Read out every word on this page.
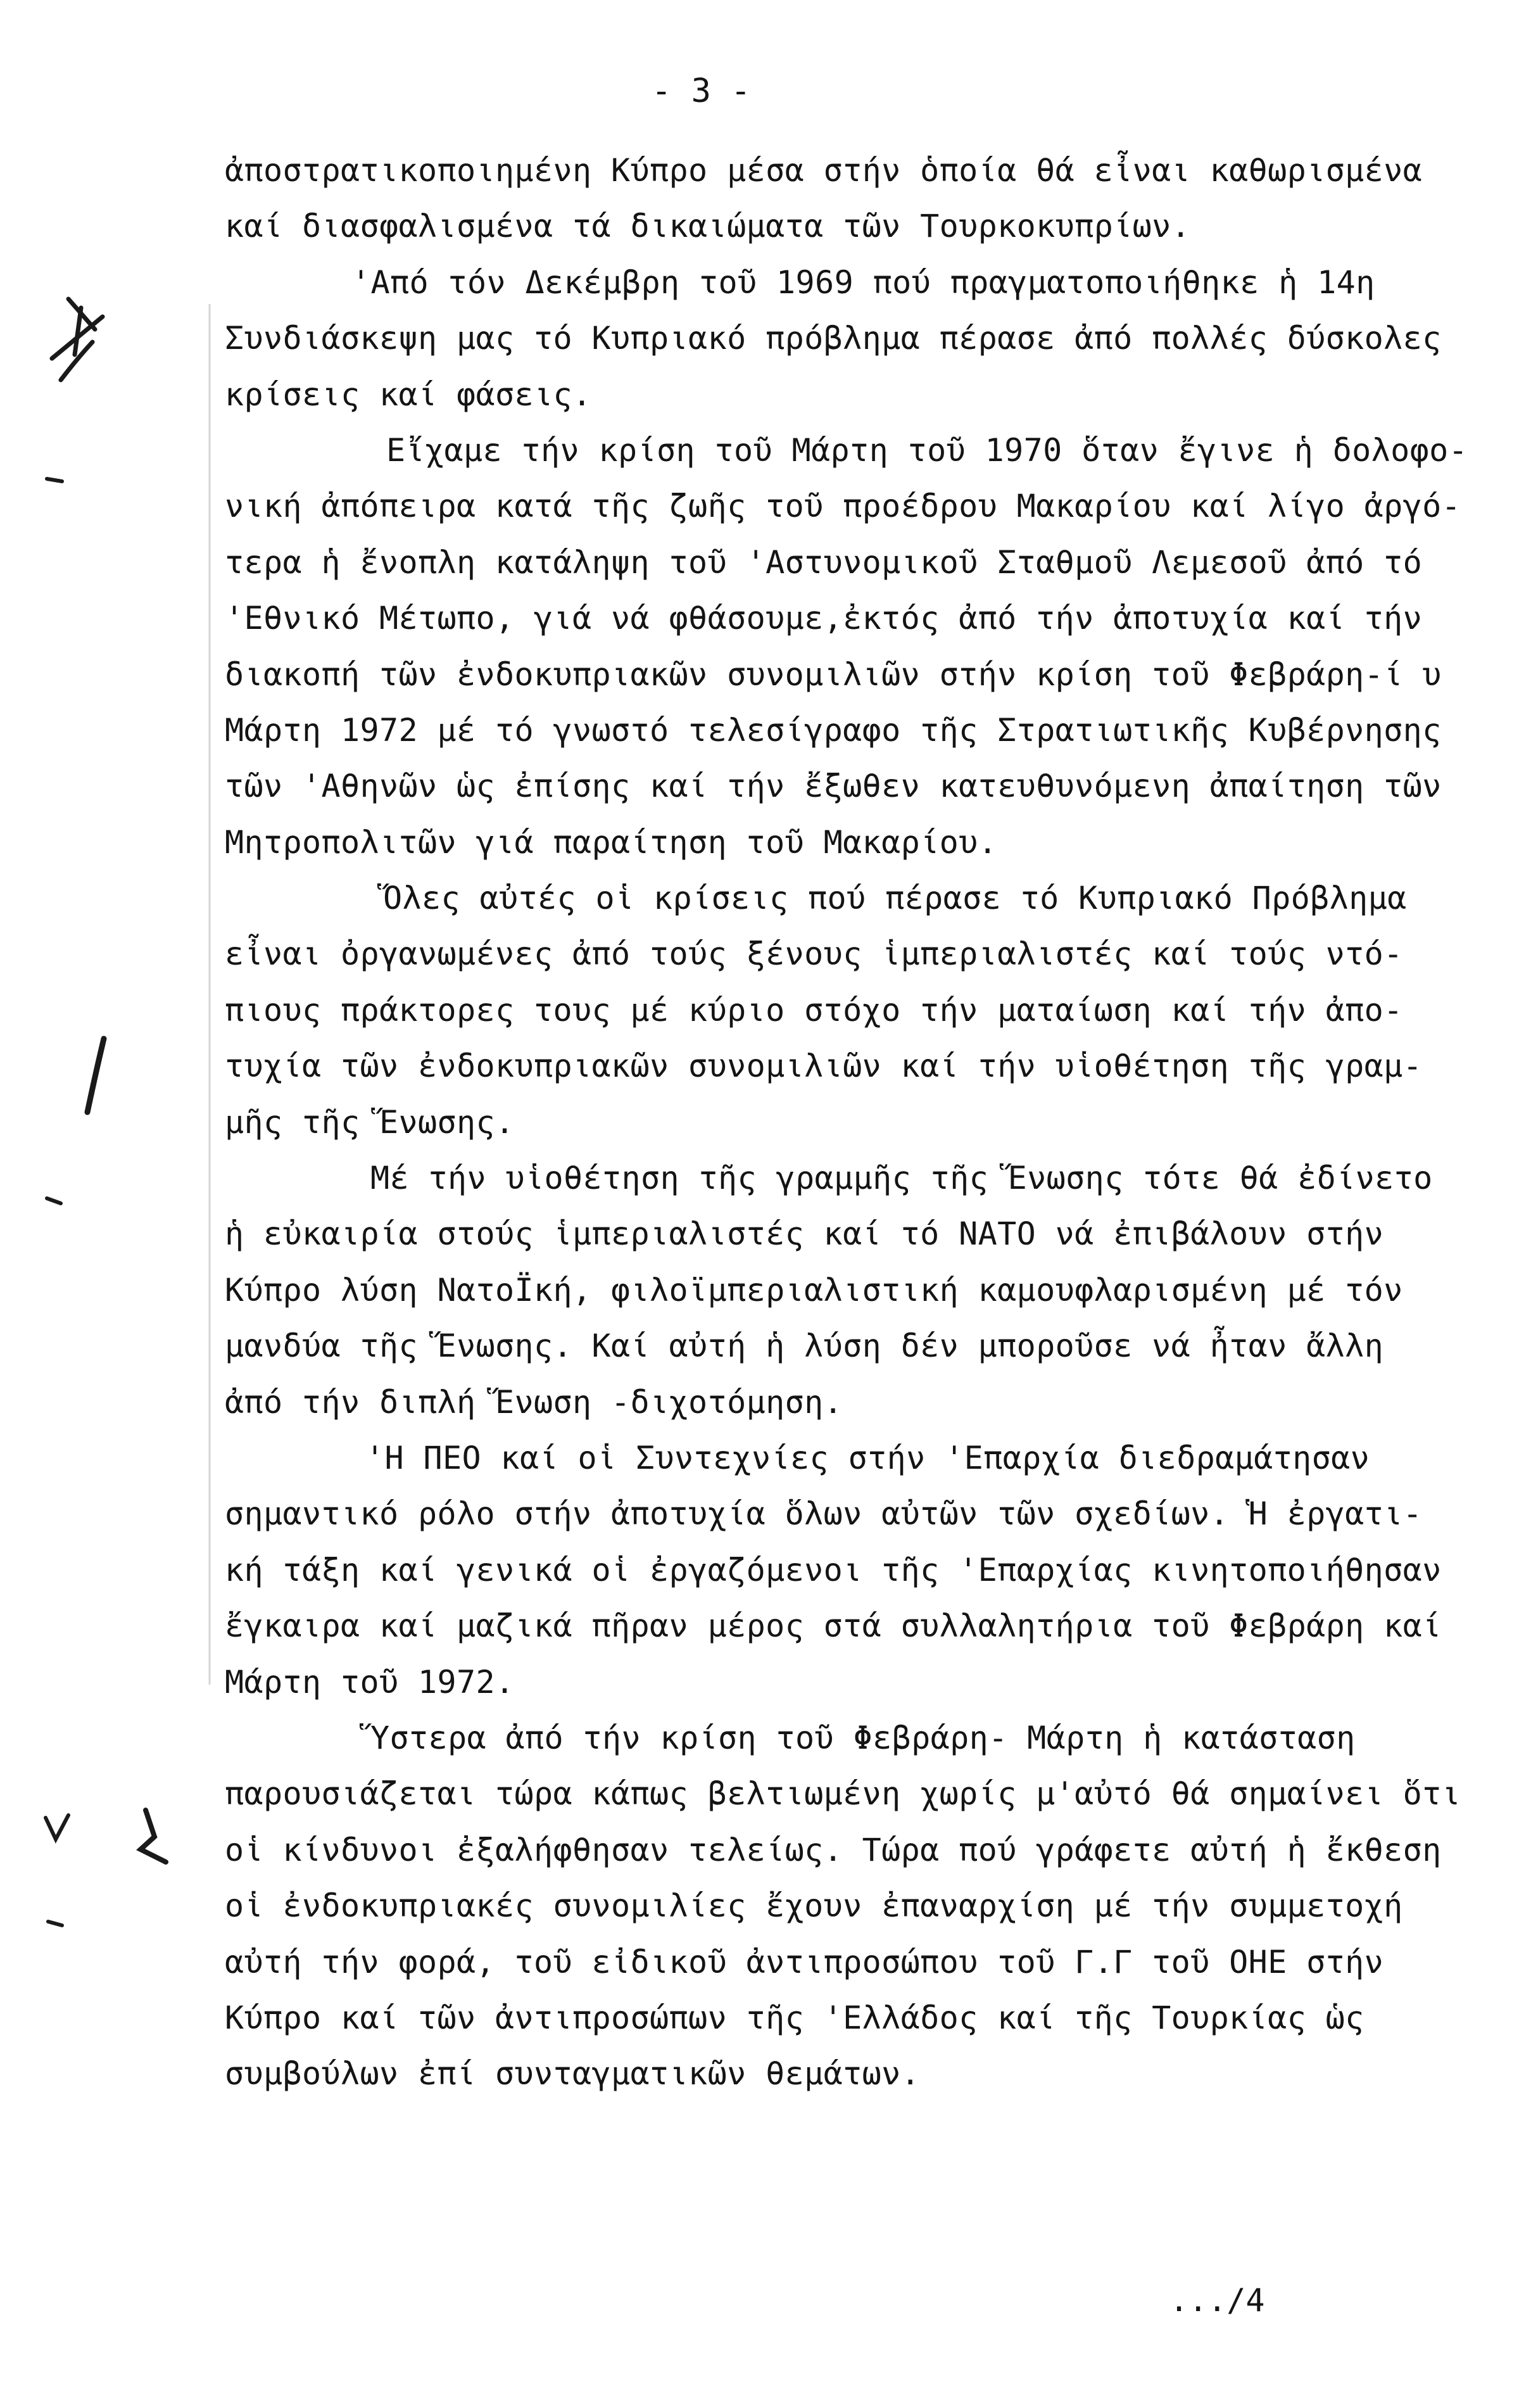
- 3 -
ἀποστρατικοποιημένη Κύπρο μέσα στήν ὁποία θά εἶναι καθωρισμένα
καί διασφαλισμένα τά δικαιώματα τῶν Τουρκοκυπρίων.
'Από τόν Δεκέμβρη τοῦ 1969 πού πραγματοποιήθηκε ἡ 14η
Συνδιάσκεψη μας τό Κυπριακό πρόβλημα πέρασε ἀπό πολλές δύσκολες
κρίσεις καί φάσεις.
Εἴχαμε τήν κρίση τοῦ Μάρτη τοῦ 1970 ὅταν ἔγινε ἡ δολοφο-
νική ἀπόπειρα κατά τῆς ζωῆς τοῦ προέδρου Μακαρίου καί λίγο ἀργό-
τερα ἡ ἔνοπλη κατάληψη τοῦ 'Αστυνομικοῦ Σταθμοῦ Λεμεσοῦ ἀπό τό
'Εθνικό Μέτωπο, γιά νά φθάσουμε,ἐκτός ἀπό τήν ἀποτυχία καί τήν
διακοπή τῶν ἐνδοκυπριακῶν συνομιλιῶν στήν κρίση τοῦ Φεβράρη-ί υ
Μάρτη 1972 μέ τό γνωστό τελεσίγραφο τῆς Στρατιωτικῆς Κυβέρνησης
τῶν 'Αθηνῶν ὡς ἐπίσης καί τήν ἔξωθεν κατευθυνόμενη ἀπαίτηση τῶν
Μητροπολιτῶν γιά παραίτηση τοῦ Μακαρίου.
Ὅλες αὐτές οἱ κρίσεις πού πέρασε τό Κυπριακό Πρόβλημα
εἶναι ὀργανωμένες ἀπό τούς ξένους ἱμπεριαλιστές καί τούς ντό-
πιους πράκτορες τους μέ κύριο στόχο τήν ματαίωση καί τήν ἀπο-
τυχία τῶν ἐνδοκυπριακῶν συνομιλιῶν καί τήν υἱοθέτηση τῆς γραμ-
μῆς τῆς Ἕνωσης.
Μέ τήν υἱοθέτηση τῆς γραμμῆς τῆς Ἕνωσης τότε θά ἐδίνετο
ἡ εὐκαιρία στούς ἱμπεριαλιστές καί τό ΝΑΤΟ νά ἐπιβάλουν στήν
Κύπρο λύση ΝατοΪκή, φιλοϊμπεριαλιστική καμουφλαρισμένη μέ τόν
μανδύα τῆς Ἕνωσης. Καί αὐτή ἡ λύση δέν μποροῦσε νά ἦταν ἄλλη
ἀπό τήν διπλή Ἕνωση -διχοτόμηση.
'Η ΠΕΟ καί οἱ Συντεχνίες στήν 'Επαρχία διεδραμάτησαν
σημαντικό ρόλο στήν ἀποτυχία ὅλων αὐτῶν τῶν σχεδίων. Ἡ ἐργατι-
κή τάξη καί γενικά οἱ ἐργαζόμενοι τῆς 'Επαρχίας κινητοποιήθησαν
ἔγκαιρα καί μαζικά πῆραν μέρος στά συλλαλητήρια τοῦ Φεβράρη καί
Μάρτη τοῦ 1972.
Ὕστερα ἀπό τήν κρίση τοῦ Φεβράρη- Μάρτη ἡ κατάσταση
παρουσιάζεται τώρα κάπως βελτιωμένη χωρίς μ'αὐτό θά σημαίνει ὅτι
οἱ κίνδυνοι ἐξαλήφθησαν τελείως. Τώρα πού γράφετε αὐτή ἡ ἔκθεση
οἱ ἐνδοκυπριακές συνομιλίες ἔχουν ἐπαναρχίση μέ τήν συμμετοχή
αὐτή τήν φορά, τοῦ εἰδικοῦ ἀντιπροσώπου τοῦ Γ.Γ τοῦ ΟΗΕ στήν
Κύπρο καί τῶν ἀντιπροσώπων τῆς 'Ελλάδος καί τῆς Τουρκίας ὡς
συμβούλων ἐπί συνταγματικῶν θεμάτων.
.../4
